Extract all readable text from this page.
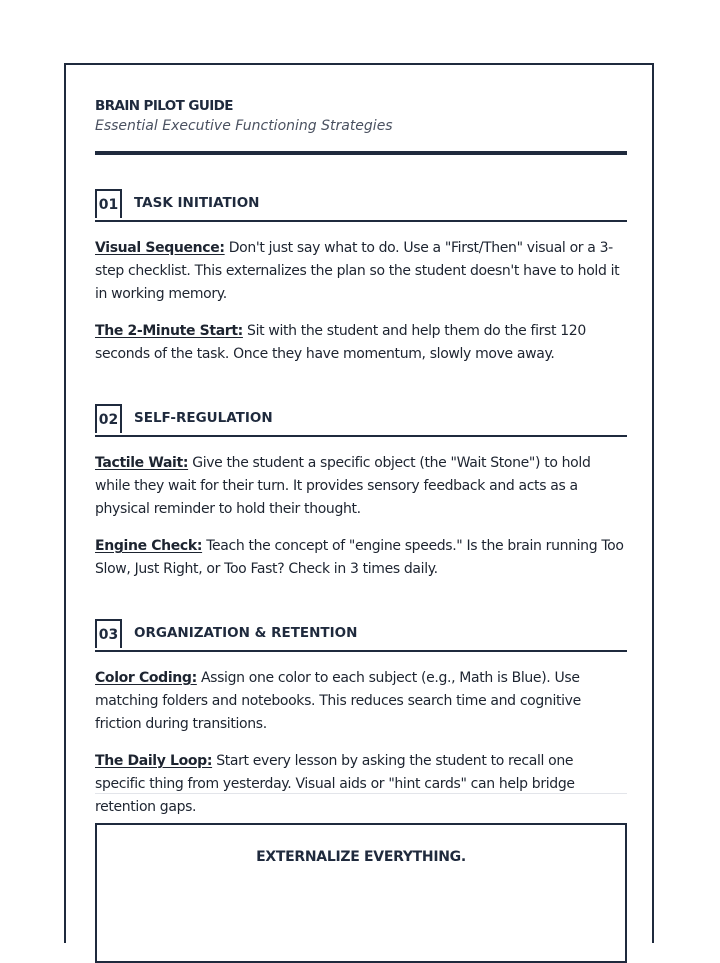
BRAIN PILOT GUIDE

Essential Executive Functioning Strategies

01 TASK INITIATION

Visual Sequence: Don't just say what to do. Use a "First/Then" visual or a 3-step checklist. This externalizes the plan so the student doesn't have to hold it in working memory.

The 2-Minute Start: Sit with the student and help them do the first 120 seconds of the task. Once they have momentum, slowly move away.

02 SELF-REGULATION

Tactile Wait: Give the student a specific object (the "Wait Stone") to hold while they wait for their turn. It provides sensory feedback and acts as a physical reminder to hold their thought.

Engine Check: Teach the concept of "engine speeds." Is the brain running Too Slow, Just Right, or Too Fast? Check in 3 times daily.

03 ORGANIZATION & RETENTION

Color Coding: Assign one color to each subject (e.g., Math is Blue). Use matching folders and notebooks. This reduces search time and cognitive friction during transitions.

The Daily Loop: Start every lesson by asking the student to recall one specific thing from yesterday. Visual aids or "hint cards" can help bridge retention gaps.

EXTERNALIZE EVERYTHING.
